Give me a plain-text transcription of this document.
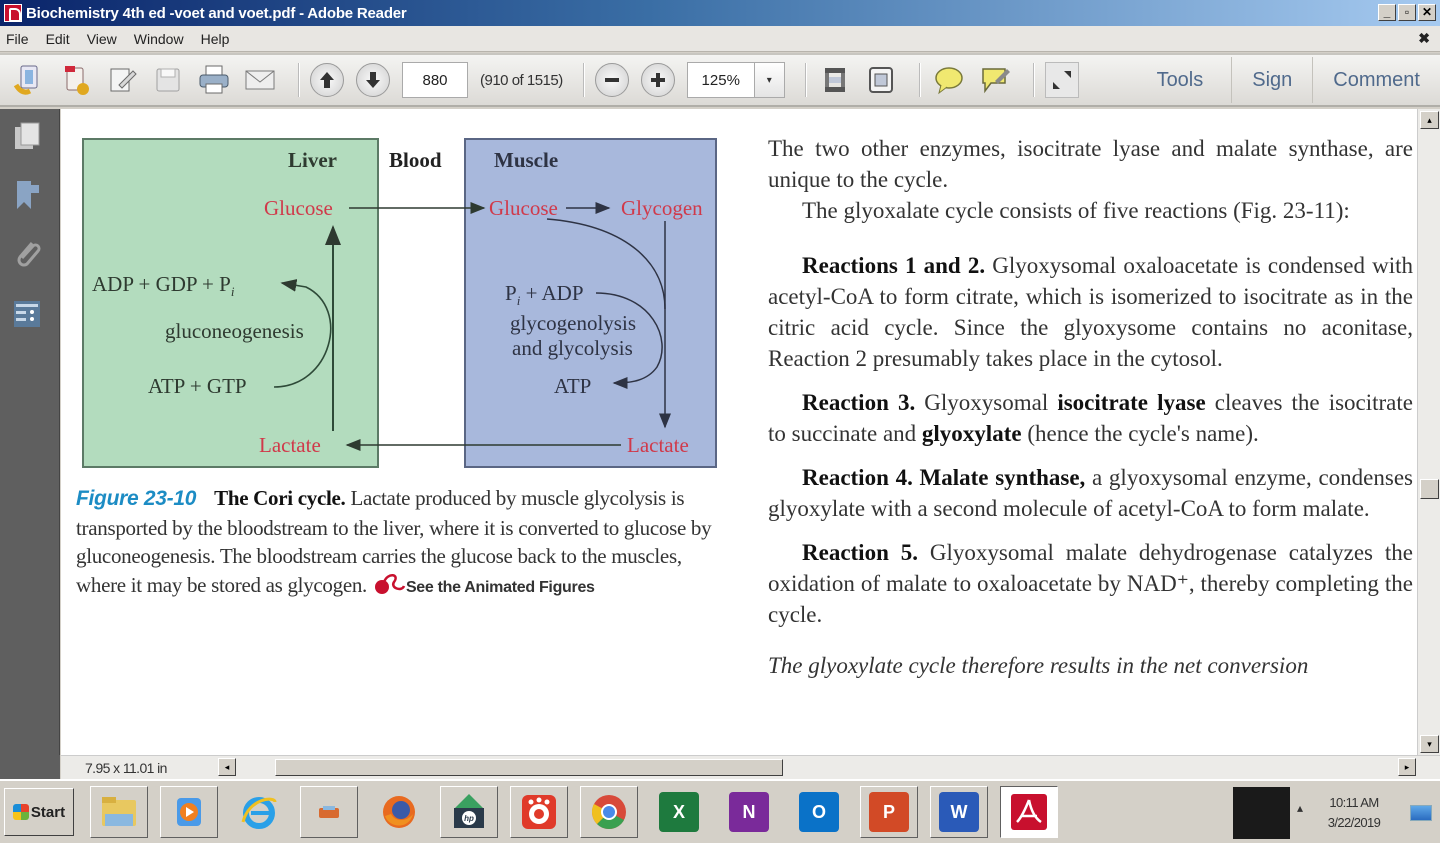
Biochemistry 4th ed -voet and voet.pdf - Adobe Reader	_	▫	✕
File Edit View Window Help	✖
880	(910 of 1515)	125%	▾	Tools	Sign	Comment
Liver Blood Muscle
Glucose
Lactate
ADP + GDP + $P_i$
gluconeogenesis
ATP + GTP
Glucose	Glycogen
$P_i$ + ADP
glycogenolysis
and glycolysis
ATP
Lactate
Figure 23-10 The Cori cycle. Lactate produced by muscle glycolysis is transported by the bloodstream to the liver, where it is converted to glucose by gluconeogenesis. The bloodstream carries the glucose back to the muscles, where it may be stored as glycogen. See the Animated Figures

The two other enzymes, isocitrate lyase and malate synthase, are unique to the cycle.

The glyoxalate cycle consists of five reactions (Fig. 23-11):

Reactions 1 and 2. Glyoxysomal oxaloacetate is condensed with acetyl-CoA to form citrate, which is isomerized to isocitrate as in the citric acid cycle. Since the glyoxysome contains no aconitase, Reaction 2 presumably takes place in the cytosol.

Reaction 3. Glyoxysomal isocitrate lyase cleaves the isocitrate to succinate and glyoxylate (hence the cycle's name).

Reaction 4. Malate synthase, a glyoxysomal enzyme, condenses glyoxylate with a second molecule of acetyl-CoA to form malate.

Reaction 5. Glyoxysomal malate dehydrogenase catalyzes the oxidation of malate to oxaloacetate by NAD⁺, thereby completing the cycle.

The glyoxylate cycle therefore results in the net conversion

▴
▾
7.95 x 11.01 in	◂	▸
Start	hp	X	N	O	P	W	▴	10:11 AM
3/22/2019
